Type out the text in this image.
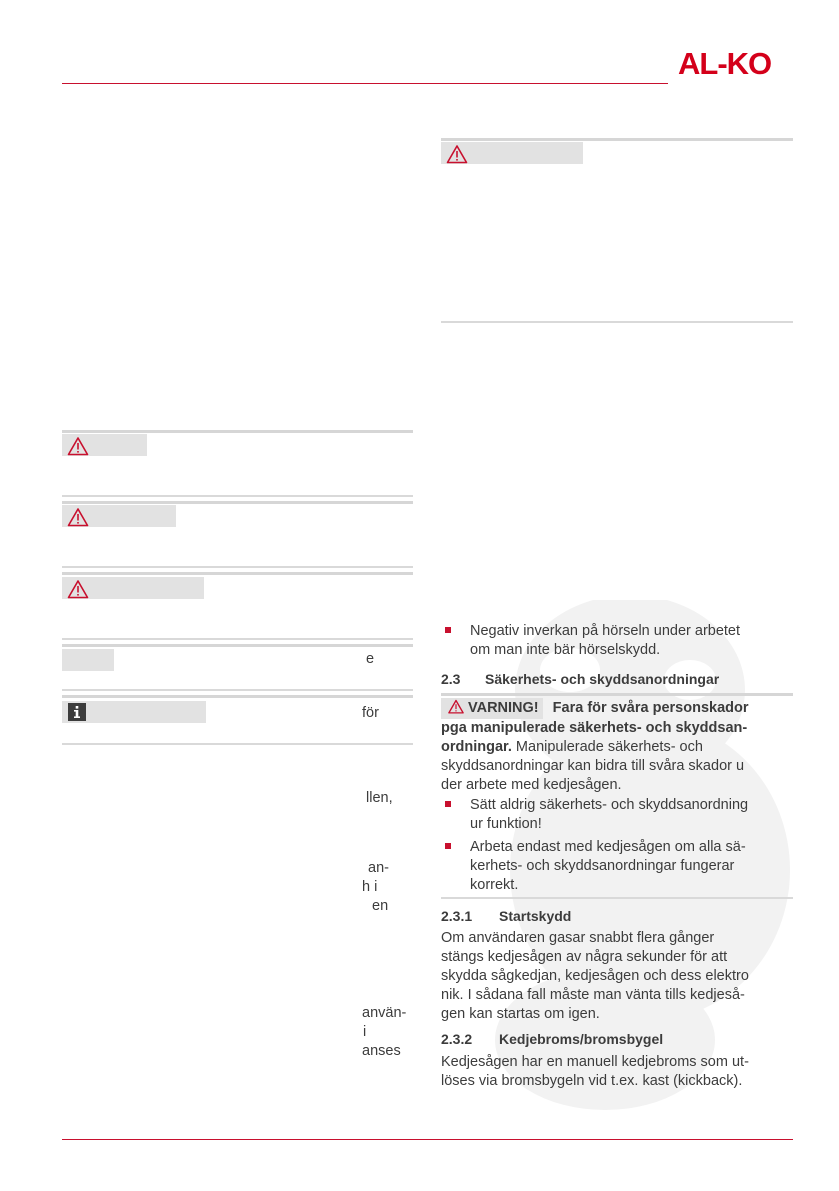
AL-KO
e
för
llen,
an-
h i
en
använ-
i
anses
Negativ inverkan på hörseln under arbetet
om man inte bär hörselskydd.
2.3 Säkerhets- och skyddsanordningar
VARNING! Fara för svåra personskador
pga manipulerade säkerhets- och skyddsan-
ordningar. Manipulerade säkerhets- och
skyddsanordningar kan bidra till svåra skador u
der arbete med kedjesågen.
Sätt aldrig säkerhets- och skyddsanordning
ur funktion!
Arbeta endast med kedjesågen om alla sä-
kerhets- och skyddsanordningar fungerar
korrekt.
2.3.1 Startskydd
Om användaren gasar snabbt flera gånger
stängs kedjesågen av några sekunder för att
skydda sågkedjan, kedjesågen och dess elektro
nik. I sådana fall måste man vänta tills kedjeså-
gen kan startas om igen.
2.3.2 Kedjebroms/bromsbygel
Kedjesågen har en manuell kedjebroms som ut-
löses via bromsbygeln vid t.ex. kast (kickback).
